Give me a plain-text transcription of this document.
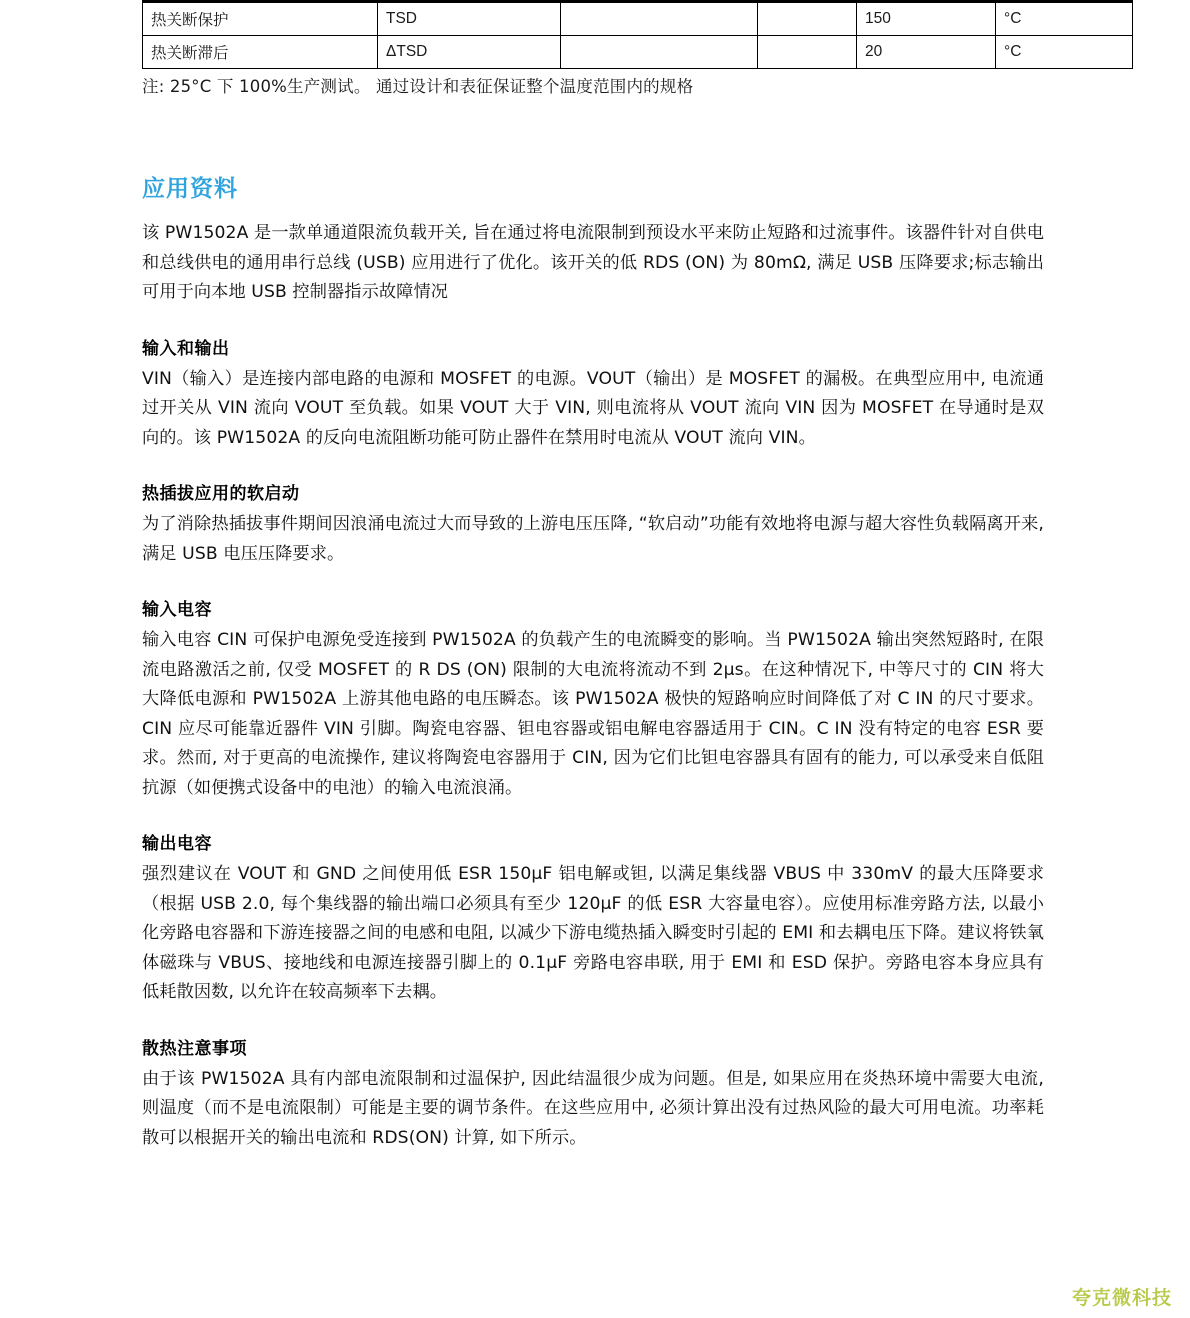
热关断保护	TSD			150	°C
热关断滞后	ΔTSD			20	°C
注: 25°C 下 100%生产测试。 通过设计和表征保证整个温度范围内的规格
应用资料

该 PW1502A 是一款单通道限流负载开关, 旨在通过将电流限制到预设水平来防止短路和过流事件。该器件针对自供电和总线供电的通用串行总线 (USB) 应用进行了优化。该开关的低 RDS (ON) 为 80mΩ, 满足 USB 压降要求;标志输出可用于向本地 USB 控制器指示故障情况

输入和输出

VIN（输入）是连接内部电路的电源和 MOSFET 的电源。VOUT（输出）是 MOSFET 的漏极。在典型应用中, 电流通过开关从 VIN 流向 VOUT 至负载。如果 VOUT 大于 VIN, 则电流将从 VOUT 流向 VIN 因为 MOSFET 在导通时是双向的。该 PW1502A 的反向电流阻断功能可防止器件在禁用时电流从 VOUT 流向 VIN。

热插拔应用的软启动

为了消除热插拔事件期间因浪涌电流过大而导致的上游电压压降, “软启动”功能有效地将电源与超大容性负载隔离开来, 满足 USB 电压压降要求。

输入电容

输入电容 CIN 可保护电源免受连接到 PW1502A 的负载产生的电流瞬变的影响。当 PW1502A 输出突然短路时, 在限流电路激活之前, 仅受 MOSFET 的 R DS (ON) 限制的大电流将流动不到 2μs。在这种情况下, 中等尺寸的 CIN 将大大降低电源和 PW1502A 上游其他电路的电压瞬态。该 PW1502A 极快的短路响应时间降低了对 C IN 的尺寸要求。CIN 应尽可能靠近器件 VIN 引脚。陶瓷电容器、钽电容器或铝电解电容器适用于 CIN。C IN 没有特定的电容 ESR 要求。然而, 对于更高的电流操作, 建议将陶瓷电容器用于 CIN, 因为它们比钽电容器具有固有的能力, 可以承受来自低阻抗源（如便携式设备中的电池）的输入电流浪涌。

输出电容

强烈建议在 VOUT 和 GND 之间使用低 ESR 150μF 铝电解或钽, 以满足集线器 VBUS 中 330mV 的最大压降要求（根据 USB 2.0, 每个集线器的输出端口必须具有至少 120μF 的低 ESR 大容量电容）。应使用标准旁路方法, 以最小化旁路电容器和下游连接器之间的电感和电阻, 以减少下游电缆热插入瞬变时引起的 EMI 和去耦电压下降。建议将铁氧体磁珠与 VBUS、接地线和电源连接器引脚上的 0.1μF 旁路电容串联, 用于 EMI 和 ESD 保护。旁路电容本身应具有低耗散因数, 以允许在较高频率下去耦。

散热注意事项

由于该 PW1502A 具有内部电流限制和过温保护, 因此结温很少成为问题。但是, 如果应用在炎热环境中需要大电流, 则温度（而不是电流限制）可能是主要的调节条件。在这些应用中, 必须计算出没有过热风险的最大可用电流。功率耗散可以根据开关的输出电流和 RDS(ON) 计算, 如下所示。

夸克微科技
